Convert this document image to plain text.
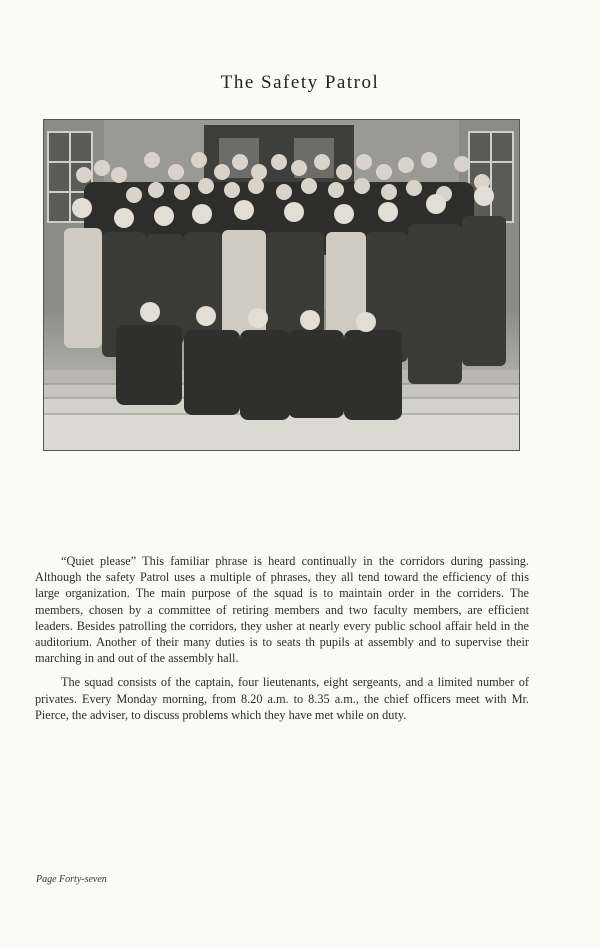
The Safety Patrol

“Quiet please” This familiar phrase is heard continually in the corridors during passing. Although the safety Patrol uses a multiple of phrases, they all tend toward the efficiency of this large organization. The main purpose of the squad is to maintain order in the corriders. The members, chosen by a committee of retiring members and two faculty members, are efficient leaders. Besides patrolling the corridors, they usher at nearly every public school affair held in the auditorium. Another of their many duties is to seats th pupils at assembly and to supervise their marching in and out of the assembly hall.

The squad consists of the captain, four lieutenants, eight sergeants, and a limited number of privates. Every Monday morning, from 8.20 a.m. to 8.35 a.m., the chief officers meet with Mr. Pierce, the adviser, to discuss problems which they have met while on duty.

Page Forty-seven
